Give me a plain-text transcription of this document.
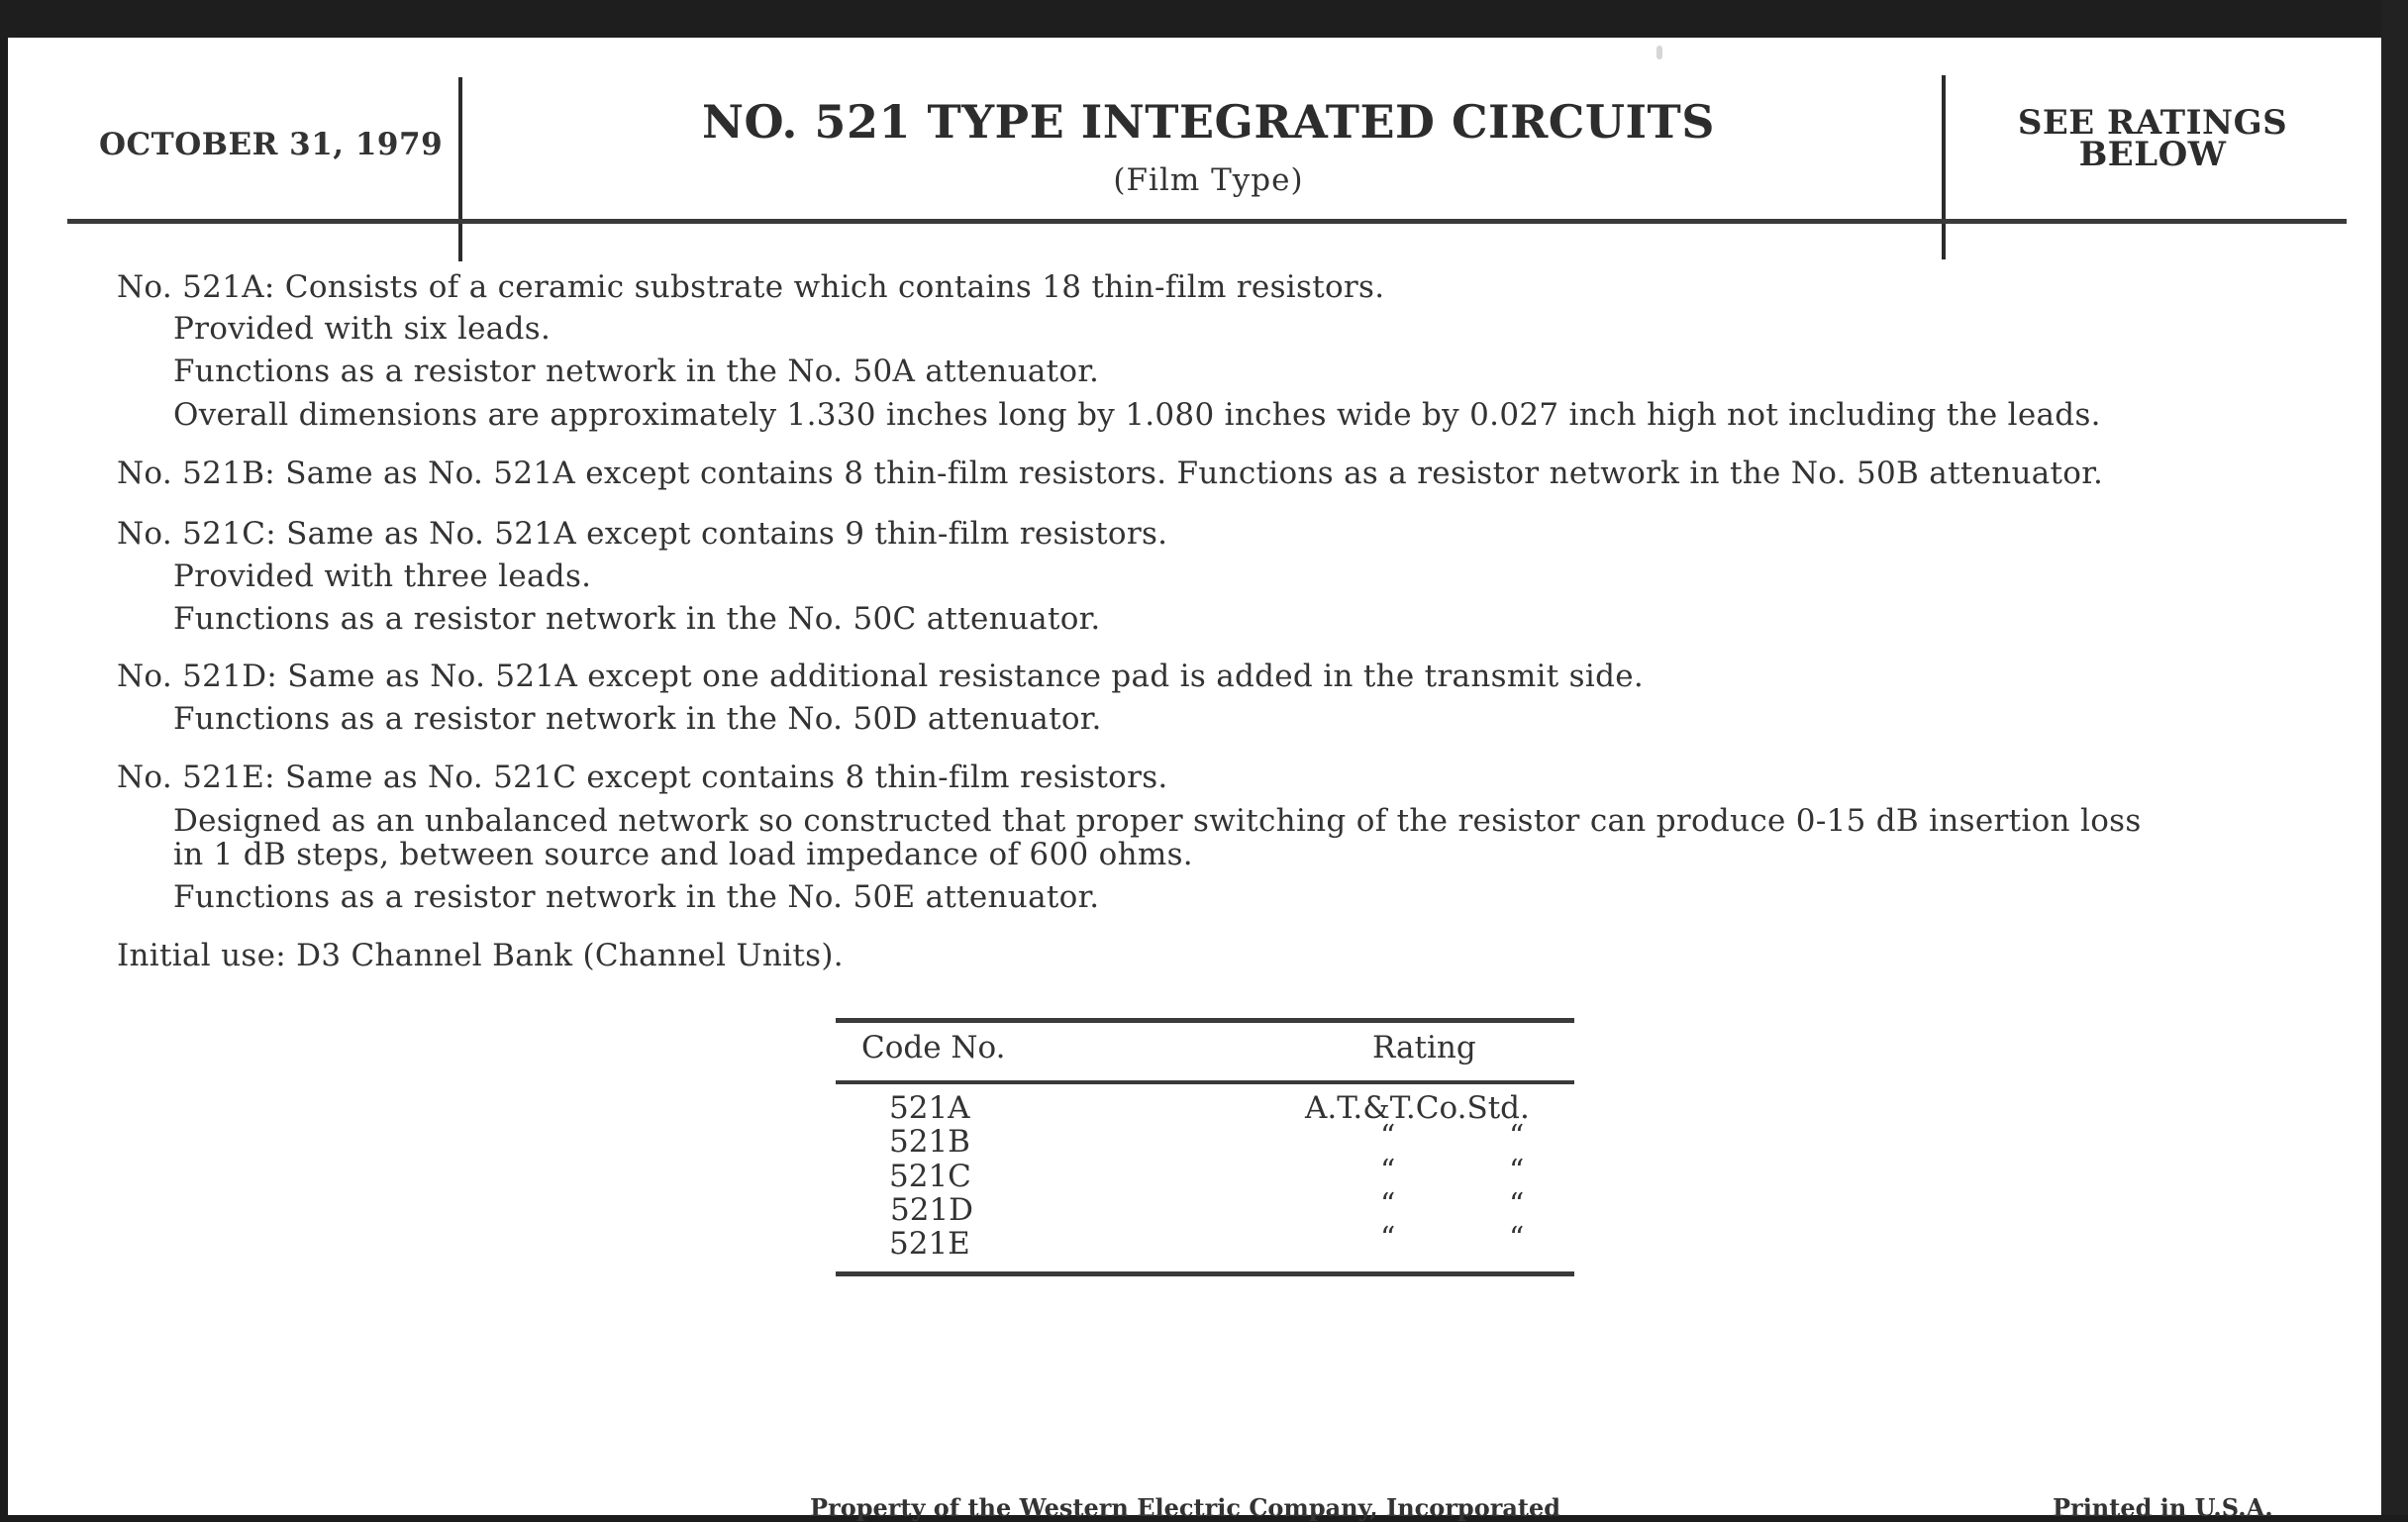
OCTOBER 31, 1979	NO. 521 TYPE INTEGRATED CIRCUITS
(Film Type)
SEE RATINGS
BELOW
No. 521A: Consists of a ceramic substrate which contains 18 thin-film resistors.
Provided with six leads.
Functions as a resistor network in the No. 50A attenuator.
Overall dimensions are approximately 1.330 inches long by 1.080 inches wide by 0.027 inch high not including the leads.
No. 521B: Same as No. 521A except contains 8 thin-film resistors. Functions as a resistor network in the No. 50B attenuator.
No. 521C: Same as No. 521A except contains 9 thin-film resistors.
Provided with three leads.
Functions as a resistor network in the No. 50C attenuator.
No. 521D: Same as No. 521A except one additional resistance pad is added in the transmit side.
Functions as a resistor network in the No. 50D attenuator.
No. 521E: Same as No. 521C except contains 8 thin-film resistors.
Designed as an unbalanced network so constructed that proper switching of the resistor can produce 0-15 dB insertion loss
in 1 dB steps, between source and load impedance of 600 ohms.
Functions as a resistor network in the No. 50E attenuator.
Initial use: D3 Channel Bank (Channel Units).
Code No.	Rating
521A	A.T.&T.Co.Std.
521B	“	“
521C	“	“
521D	“	“
521E	“	“
Property of the Western Electric Company, Incorporated	Printed in U.S.A.
